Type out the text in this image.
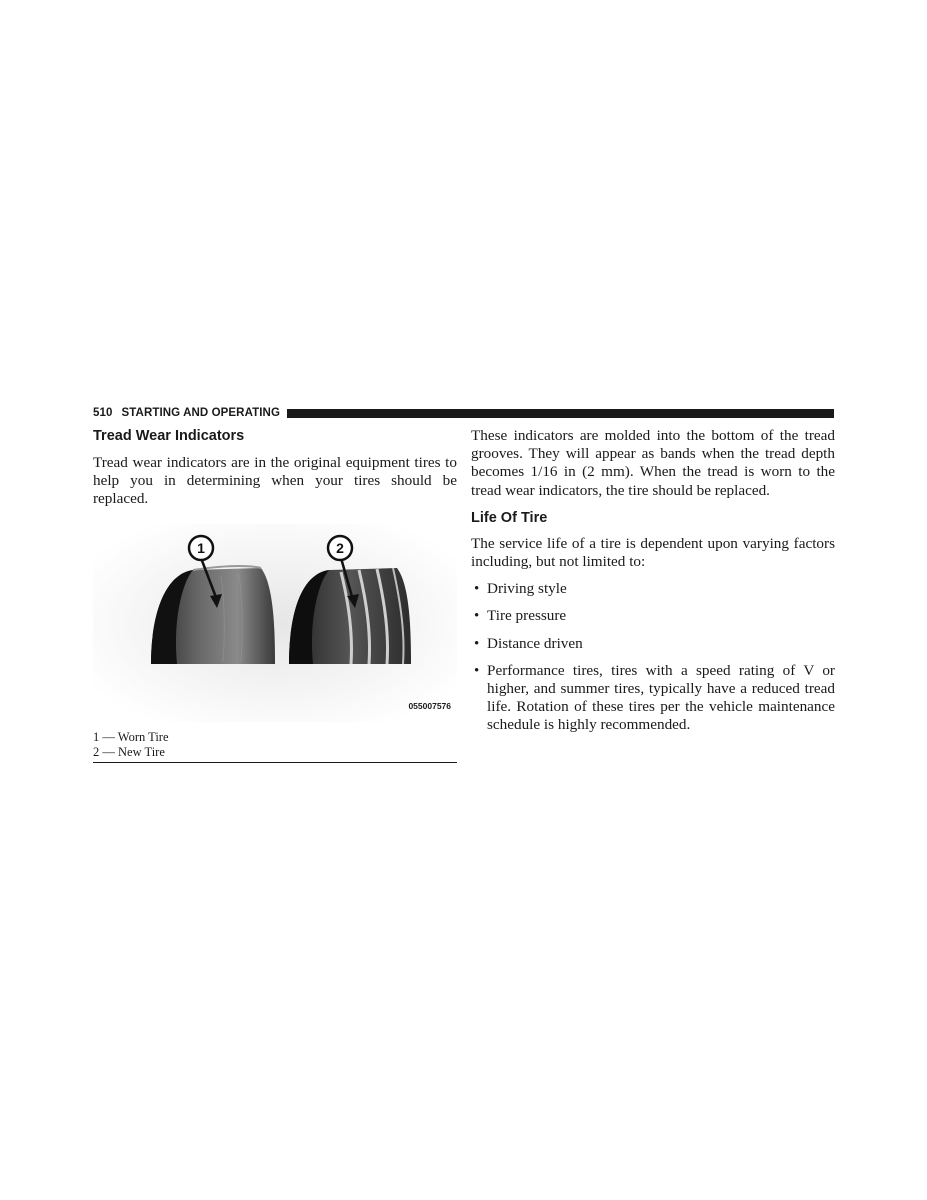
510 STARTING AND OPERATING
Tread Wear Indicators

Tread wear indicators are in the original equipment tires to help you in determining when your tires should be replaced.

1	2
055007576
1 — Worn Tire
2 — New Tire

These indicators are molded into the bottom of the tread grooves. They will appear as bands when the tread depth becomes 1/16 in (2 mm). When the tread is worn to the tread wear indicators, the tire should be replaced.

Life Of Tire

The service life of a tire is dependent upon varying factors including, but not limited to:

• Driving style

• Tire pressure

• Distance driven

• Performance tires, tires with a speed rating of V or higher, and summer tires, typically have a reduced tread life. Rotation of these tires per the vehicle maintenance schedule is highly recommended.
